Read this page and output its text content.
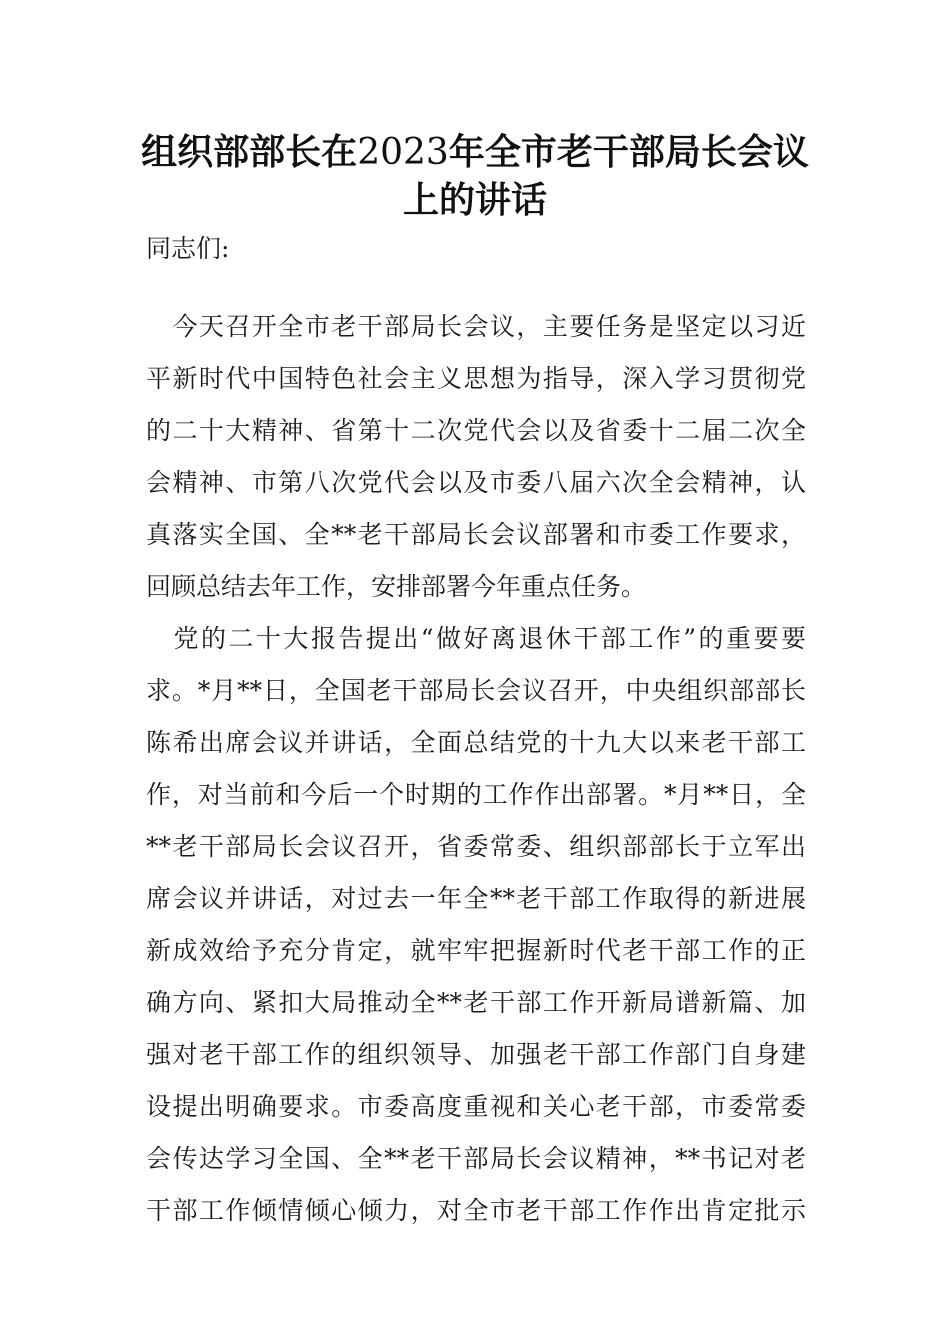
组织部部长在2023年全市老干部局长会议
上的讲话

同志们:

　今天召开全市老干部局长会议，主要任务是坚定以习近

平新时代中国特色社会主义思想为指导，深入学习贯彻党

的二十大精神、省第十二次党代会以及省委十二届二次全

会精神、市第八次党代会以及市委八届六次全会精神，认

真落实全国、全**老干部局长会议部署和市委工作要求，

回顾总结去年工作，安排部署今年重点任务。

　党的二十大报告提出“做好离退休干部工作”的重要要

求。*月**日，全国老干部局长会议召开，中央组织部部长

陈希出席会议并讲话，全面总结党的十九大以来老干部工

作，对当前和今后一个时期的工作作出部署。*月**日，全

**老干部局长会议召开，省委常委、组织部部长于立军出

席会议并讲话，对过去一年全**老干部工作取得的新进展

新成效给予充分肯定，就牢牢把握新时代老干部工作的正

确方向、紧扣大局推动全**老干部工作开新局谱新篇、加

强对老干部工作的组织领导、加强老干部工作部门自身建

设提出明确要求。市委高度重视和关心老干部，市委常委

会传达学习全国、全**老干部局长会议精神，**书记对老

干部工作倾情倾心倾力，对全市老干部工作作出肯定批示
